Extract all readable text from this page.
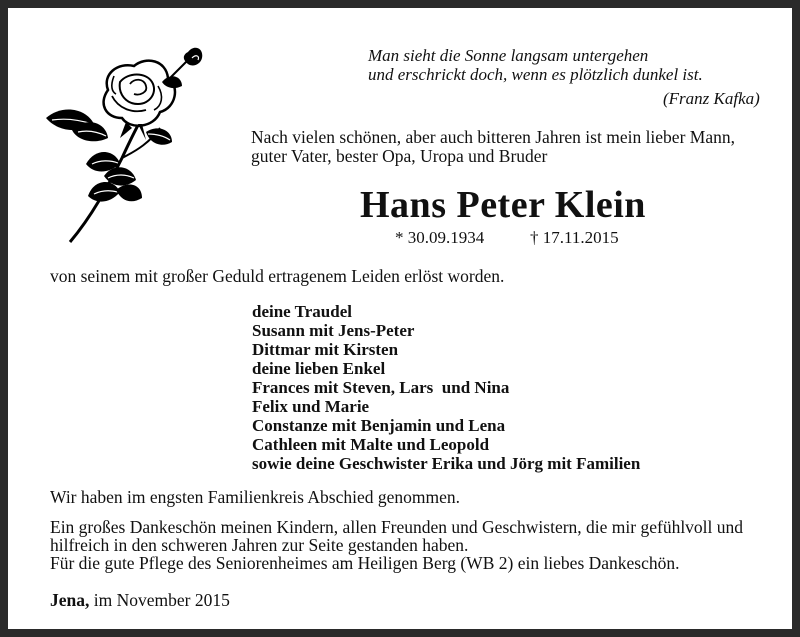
Man sieht die Sonne langsam untergehen
und erschrickt doch, wenn es plötzlich dunkel ist.
(Franz Kafka)
Nach vielen schönen, aber auch bitteren Jahren ist mein lieber Mann,
guter Vater, bester Opa, Uropa und Bruder
Hans Peter Klein
* 30.09.1934	† 17.11.2015
von seinem mit großer Geduld ertragenem Leiden erlöst worden.
deine Traudel
Susann mit Jens-Peter
Dittmar mit Kirsten
deine lieben Enkel
Frances mit Steven, Lars  und Nina
Felix und Marie
Constanze mit Benjamin und Lena
Cathleen mit Malte und Leopold
sowie deine Geschwister Erika und Jörg mit Familien
Wir haben im engsten Familienkreis Abschied genommen.
Ein großes Dankeschön meinen Kindern, allen Freunden und Geschwistern, die mir gefühlvoll und
hilfreich in den schweren Jahren zur Seite gestanden haben.
Für die gute Pflege des Seniorenheimes am Heiligen Berg (WB 2) ein liebes Dankeschön.
Jena, im November 2015
